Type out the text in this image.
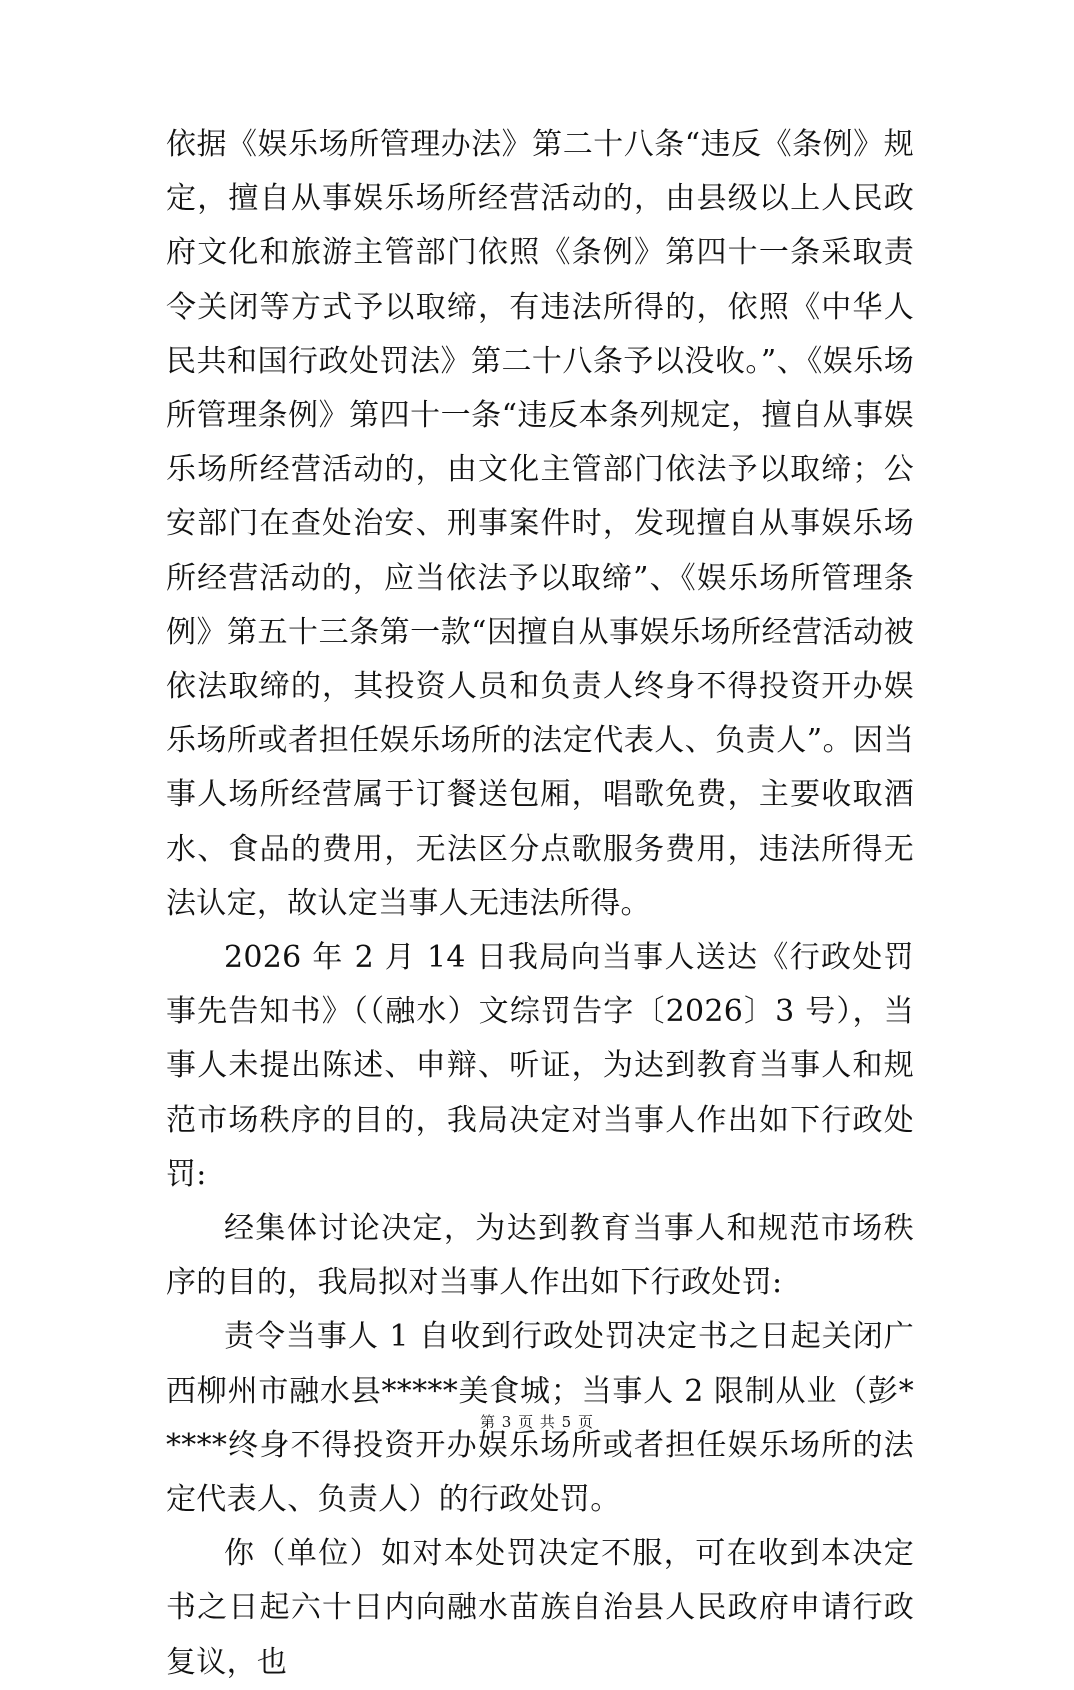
依据《娱乐场所管理办法》第二十八条“违反《条例》规定，擅自从事娱乐场所经营活动的，由县级以上人民政府文化和旅游主管部门依照《条例》第四十一条采取责令关闭等方式予以取缔，有违法所得的，依照《中华人民共和国行政处罚法》第二十八条予以没收。”、《娱乐场所管理条例》第四十一条“违反本条列规定，擅自从事娱乐场所经营活动的，由文化主管部门依法予以取缔；公安部门在查处治安、刑事案件时，发现擅自从事娱乐场所经营活动的，应当依法予以取缔”、《娱乐场所管理条例》第五十三条第一款“因擅自从事娱乐场所经营活动被依法取缔的，其投资人员和负责人终身不得投资开办娱乐场所或者担任娱乐场所的法定代表人、负责人”。因当事人场所经营属于订餐送包厢，唱歌免费，主要收取酒水、食品的费用，无法区分点歌服务费用，违法所得无法认定，故认定当事人无违法所得。

2026 年 2 月 14 日我局向当事人送达《行政处罚事先告知书》（（融水）文综罚告字〔2026〕3 号），当事人未提出陈述、申辩、听证，为达到教育当事人和规范市场秩序的目的，我局决定对当事人作出如下行政处罚:

经集体讨论决定，为达到教育当事人和规范市场秩序的目的，我局拟对当事人作出如下行政处罚:

责令当事人 1 自收到行政处罚决定书之日起关闭广西柳州市融水县*****美食城；当事人 2 限制从业（彭*****终身不得投资开办娱乐场所或者担任娱乐场所的法定代表人、负责人）的行政处罚。

你（单位）如对本处罚决定不服，可在收到本决定书之日起六十日内向融水苗族自治县人民政府申请行政复议，也

第 3 页 共 5 页
